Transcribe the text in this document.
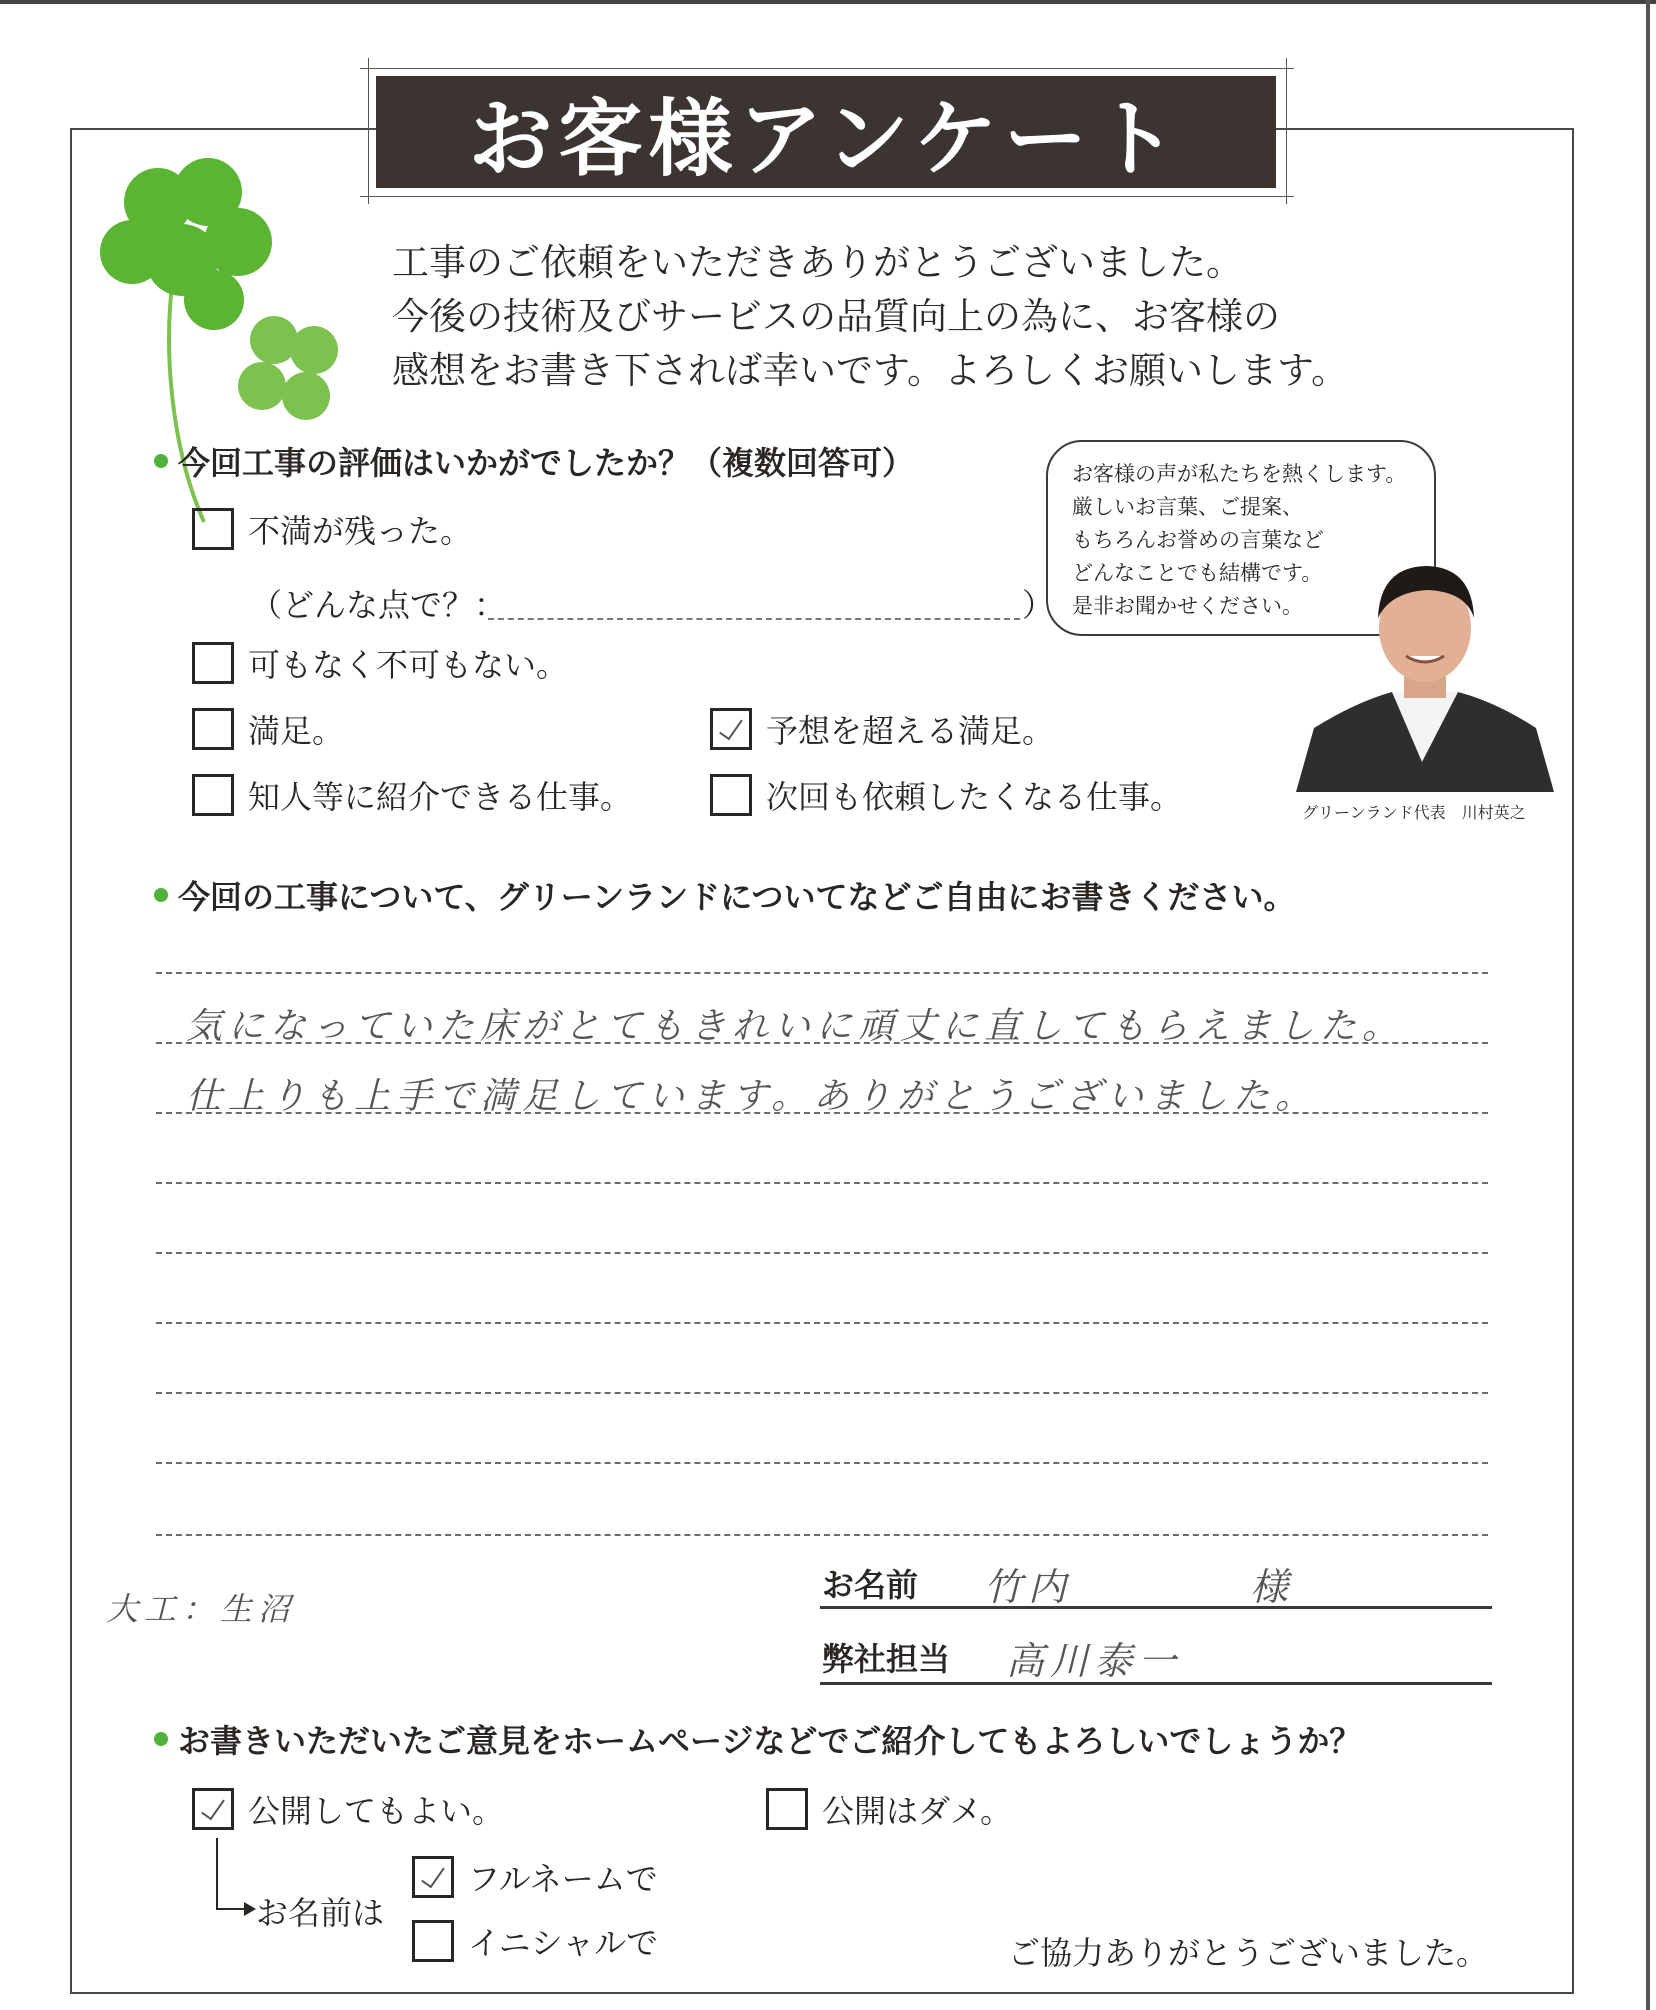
お客様アンケート
工事のご依頼をいただきありがとうございました。
今後の技術及びサービスの品質向上の為に、お客様の
感想をお書き下されば幸いです。よろしくお願いします。
今回工事の評価はいかがでしたか？（複数回答可）
不満が残った。
（どんな点で？：	）
可もなく不可もない。
満足。	予想を超える満足。
知人等に紹介できる仕事。	次回も依頼したくなる仕事。
お客様の声が私たちを熱くします。
厳しいお言葉、ご提案、
もちろんお誉めの言葉など
どんなことでも結構です。
是非お聞かせください。
グリーンランド代表　川村英之
今回の工事について、グリーンランドについてなどご自由にお書きください。
気になっていた床がとてもきれいに頑丈に直してもらえました。
仕上りも上手で満足しています。ありがとうございました。
大工：生沼
お名前 竹内	様
弊社担当 高川泰一
お書きいただいたご意見をホームページなどでご紹介してもよろしいでしょうか？
公開してもよい。	公開はダメ。
お名前は
フルネームで
イニシャルで	ご協力ありがとうございました。
